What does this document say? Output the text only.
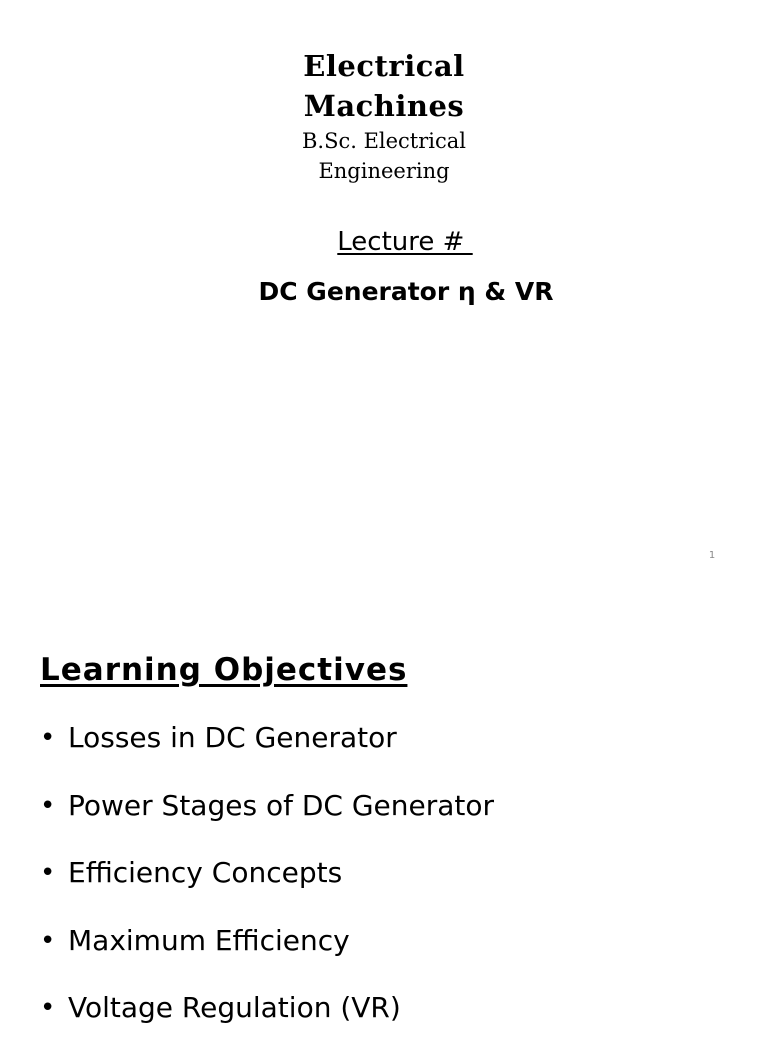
Electrical
Machines
B.Sc. Electrical
Engineering
Lecture #
DC Generator η & VR
1
Learning Objectives
• Losses in DC Generator
• Power Stages of DC Generator
• Efficiency Concepts
• Maximum Efficiency
• Voltage Regulation (VR)
